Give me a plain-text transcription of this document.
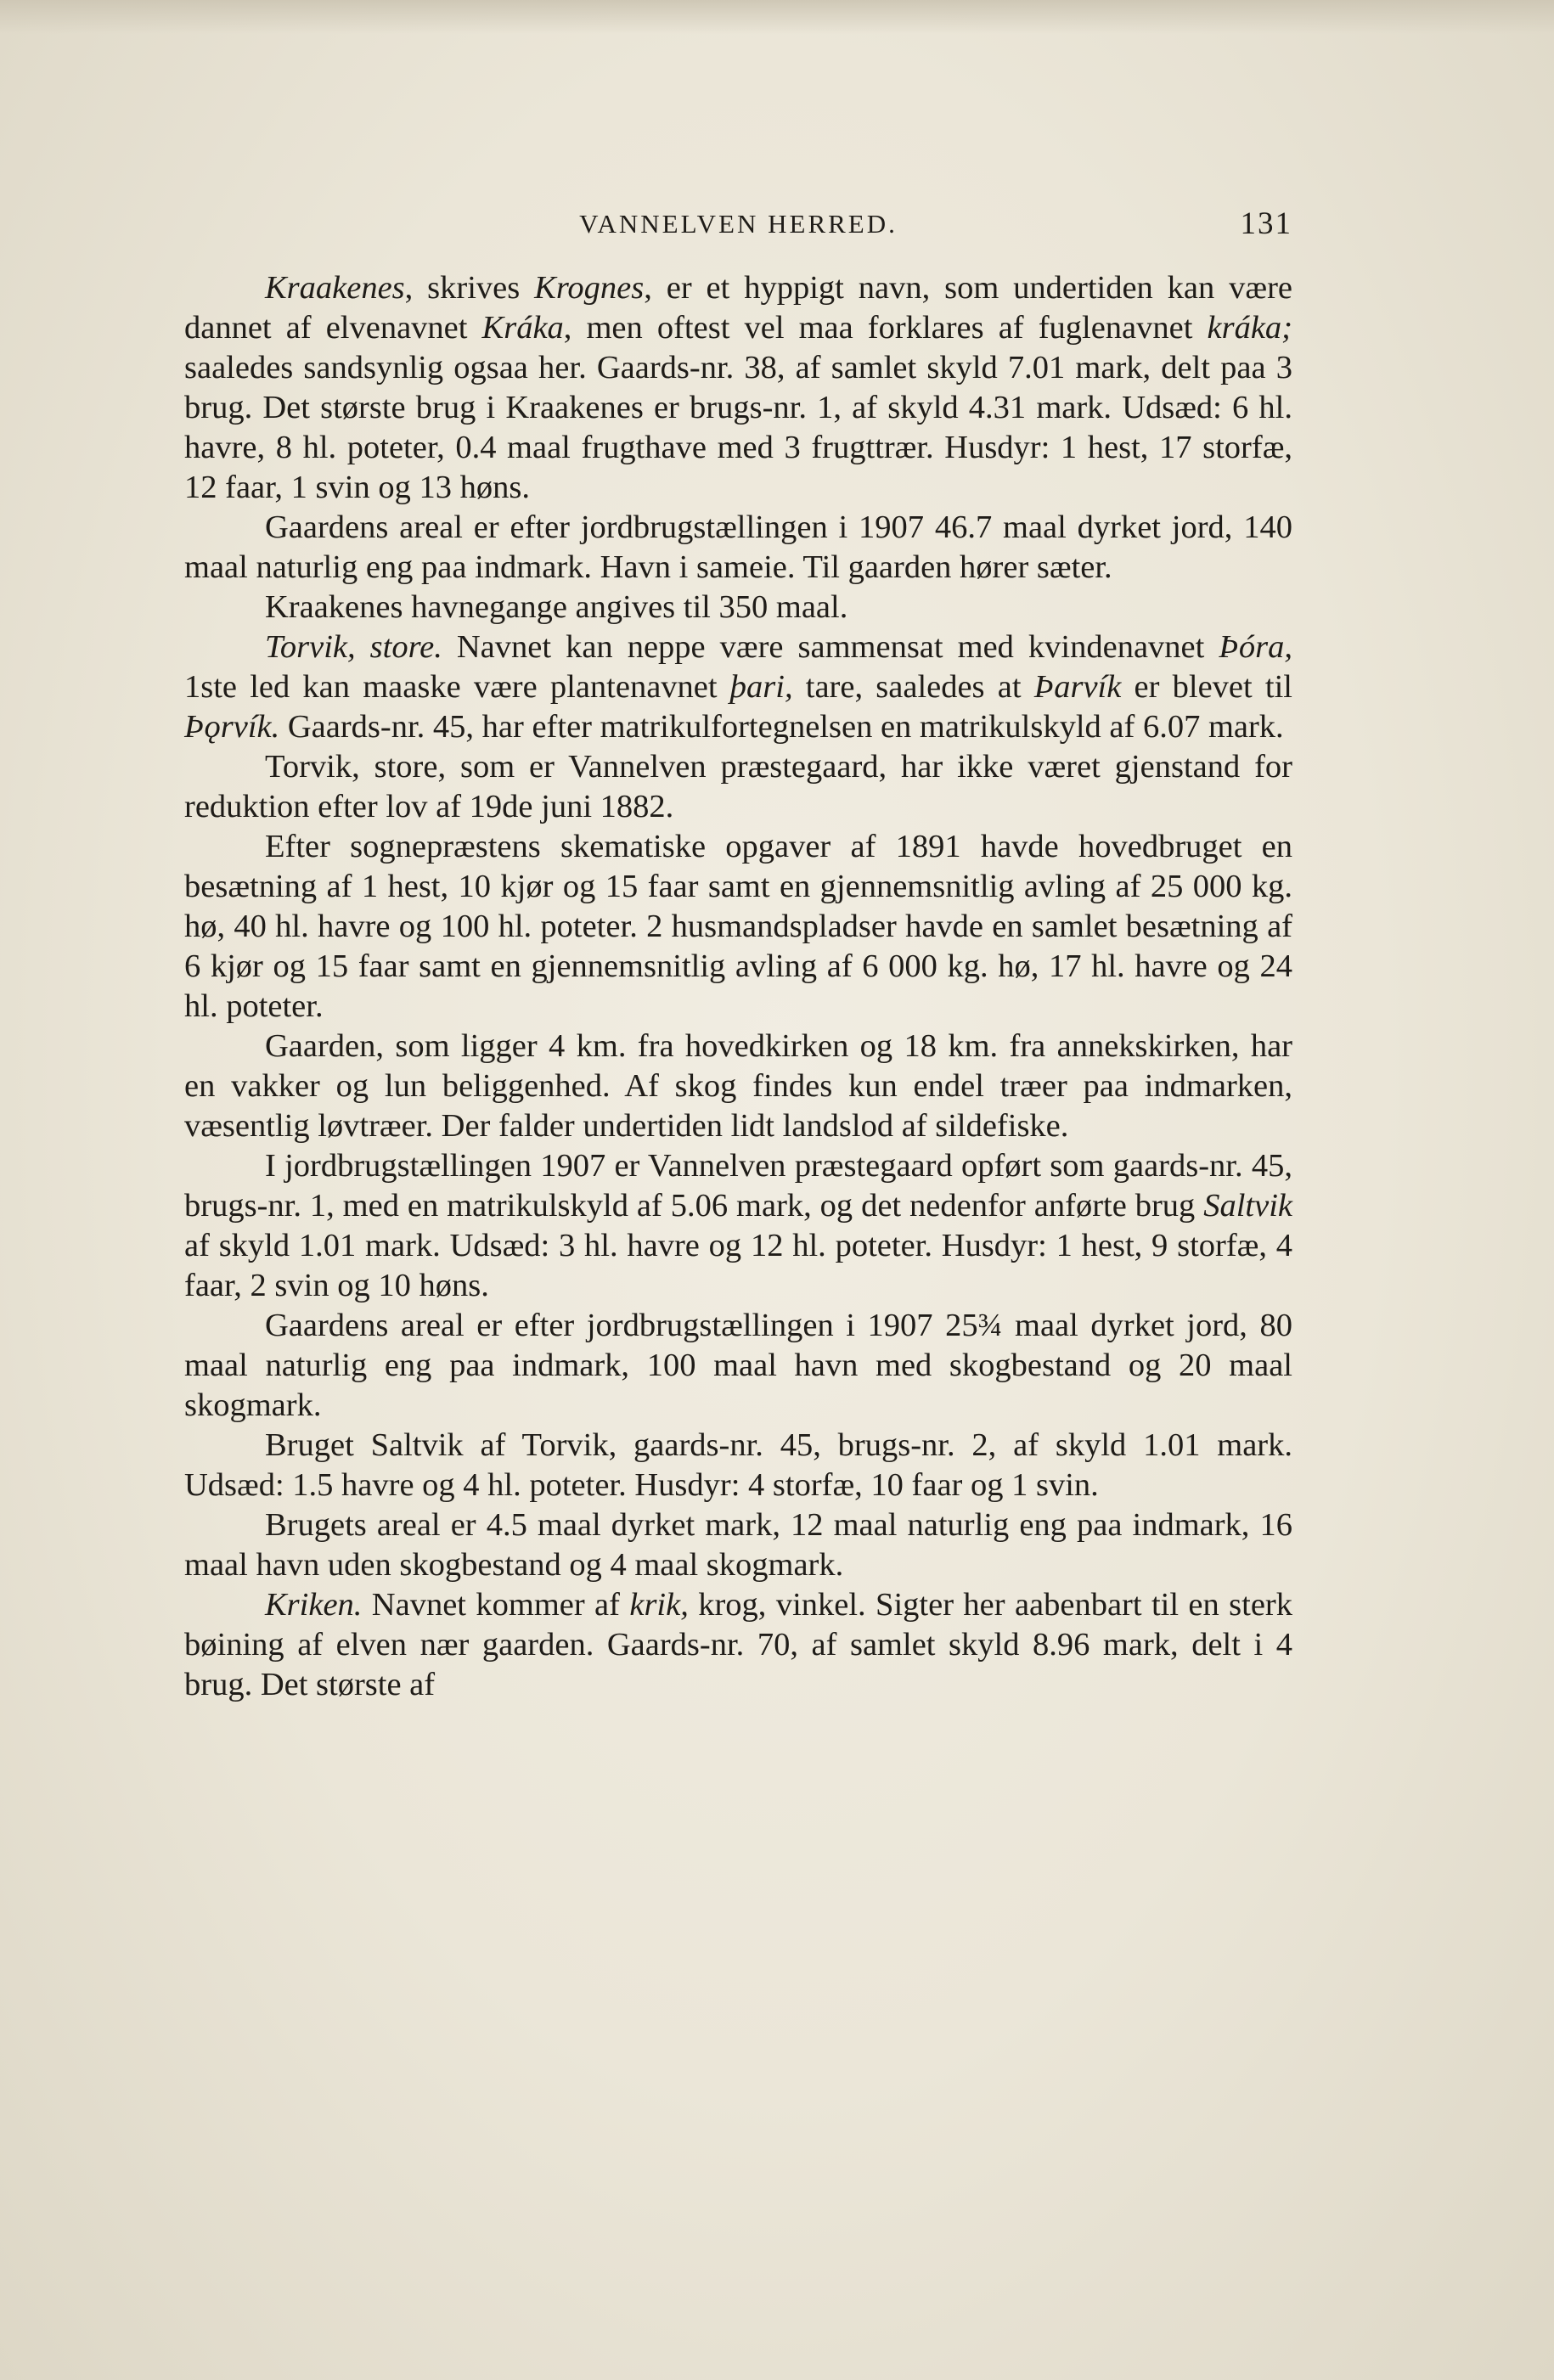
VANNELVEN HERRED.	131

Kraakenes, skrives Krognes, er et hyppigt navn, som undertiden kan være dannet af elvenavnet Kráka, men oftest vel maa forklares af fuglenavnet kráka; saaledes sandsynlig ogsaa her. Gaards-nr. 38, af samlet skyld 7.01 mark, delt paa 3 brug. Det største brug i Kraakenes er brugs-nr. 1, af skyld 4.31 mark. Udsæd: 6 hl. havre, 8 hl. poteter, 0.4 maal frugthave med 3 frugttrær. Husdyr: 1 hest, 17 storfæ, 12 faar, 1 svin og 13 høns.

Gaardens areal er efter jordbrugstællingen i 1907 46.7 maal dyrket jord, 140 maal naturlig eng paa indmark. Havn i sameie. Til gaarden hører sæter.

Kraakenes havnegange angives til 350 maal.

Torvik, store. Navnet kan neppe være sammensat med kvindenavnet Þóra, 1ste led kan maaske være plantenavnet þari, tare, saaledes at Þarvík er blevet til Þǫrvík. Gaards-nr. 45, har efter matrikulfortegnelsen en matrikulskyld af 6.07 mark.

Torvik, store, som er Vannelven præstegaard, har ikke været gjenstand for reduktion efter lov af 19de juni 1882.

Efter sognepræstens skematiske opgaver af 1891 havde hovedbruget en besætning af 1 hest, 10 kjør og 15 faar samt en gjennemsnitlig avling af 25 000 kg. hø, 40 hl. havre og 100 hl. poteter. 2 husmandspladser havde en samlet besætning af 6 kjør og 15 faar samt en gjennemsnitlig avling af 6 000 kg. hø, 17 hl. havre og 24 hl. poteter.

Gaarden, som ligger 4 km. fra hovedkirken og 18 km. fra annekskirken, har en vakker og lun beliggenhed. Af skog findes kun endel træer paa indmarken, væsentlig løvtræer. Der falder undertiden lidt landslod af sildefiske.

I jordbrugstællingen 1907 er Vannelven præstegaard opført som gaards-nr. 45, brugs-nr. 1, med en matrikulskyld af 5.06 mark, og det nedenfor anførte brug Saltvik af skyld 1.01 mark. Udsæd: 3 hl. havre og 12 hl. poteter. Husdyr: 1 hest, 9 storfæ, 4 faar, 2 svin og 10 høns.

Gaardens areal er efter jordbrugstællingen i 1907 25¾ maal dyrket jord, 80 maal naturlig eng paa indmark, 100 maal havn med skogbestand og 20 maal skogmark.

Bruget Saltvik af Torvik, gaards-nr. 45, brugs-nr. 2, af skyld 1.01 mark. Udsæd: 1.5 havre og 4 hl. poteter. Husdyr: 4 storfæ, 10 faar og 1 svin.

Brugets areal er 4.5 maal dyrket mark, 12 maal naturlig eng paa indmark, 16 maal havn uden skogbestand og 4 maal skogmark.

Kriken. Navnet kommer af krik, krog, vinkel. Sigter her aabenbart til en sterk bøining af elven nær gaarden. Gaards-nr. 70, af samlet skyld 8.96 mark, delt i 4 brug. Det største af
